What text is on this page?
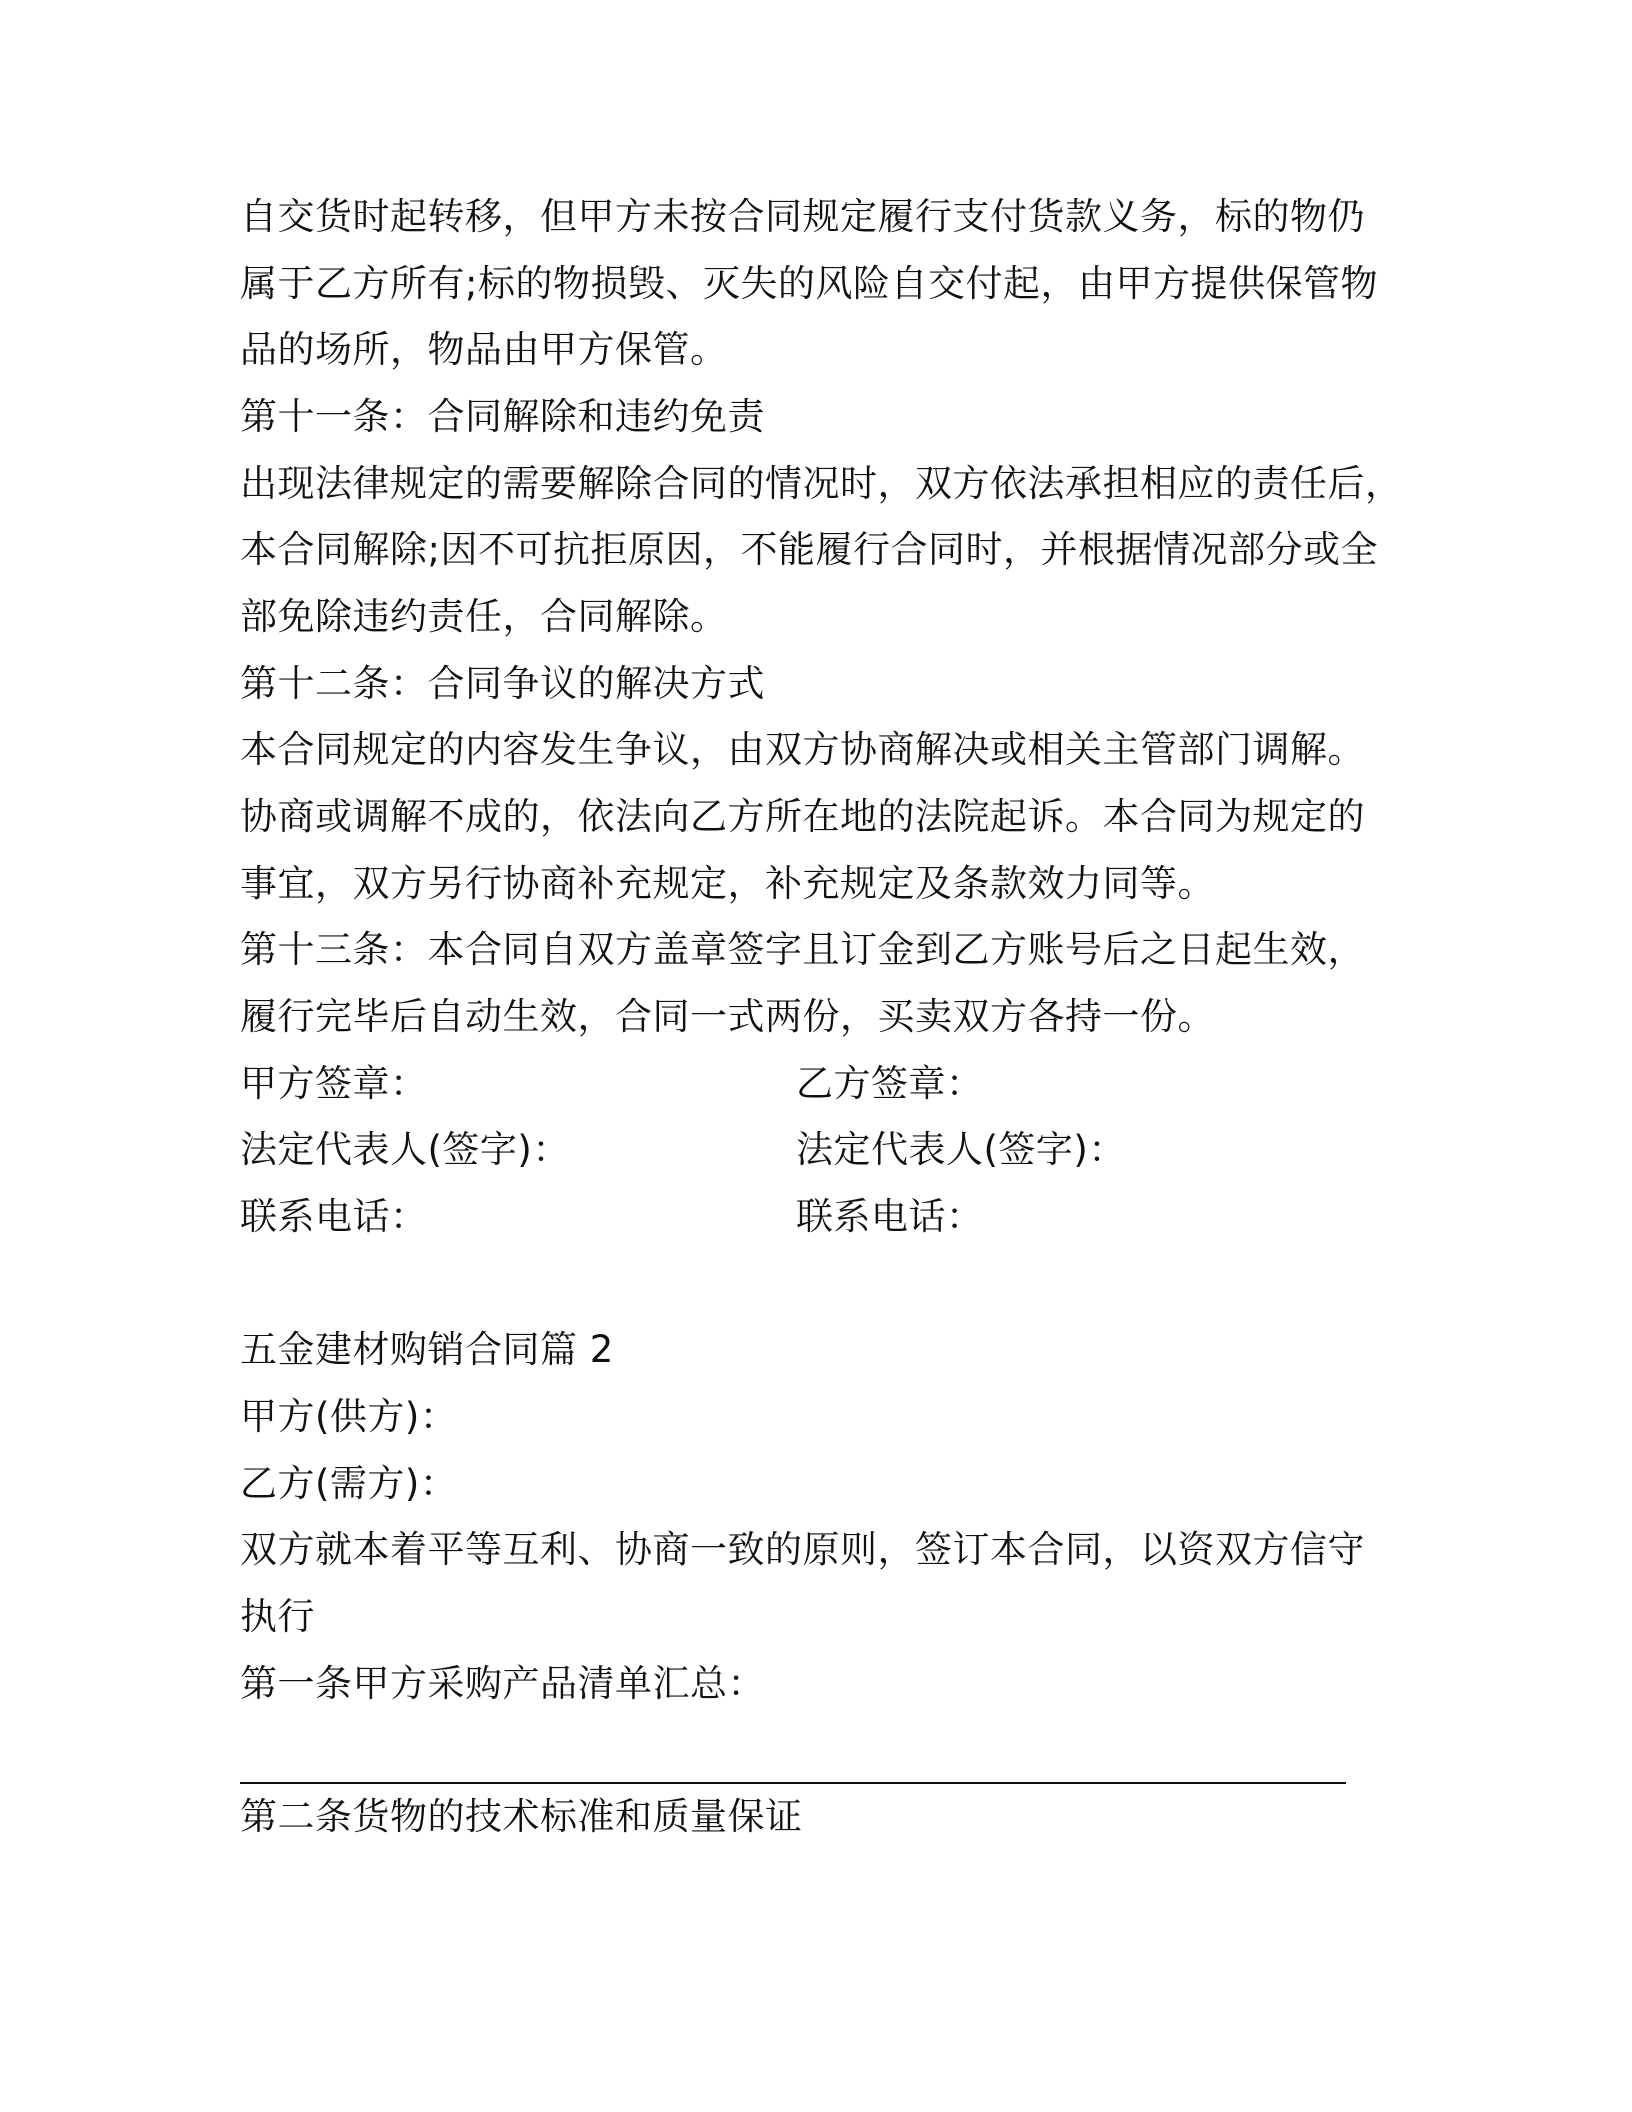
自交货时起转移，但甲方未按合同规定履行支付货款义务，标的物仍
属于乙方所有;标的物损毁、灭失的风险自交付起，由甲方提供保管物
品的场所，物品由甲方保管。
第十一条：合同解除和违约免责
出现法律规定的需要解除合同的情况时，双方依法承担相应的责任后，
本合同解除;因不可抗拒原因，不能履行合同时，并根据情况部分或全
部免除违约责任，合同解除。
第十二条：合同争议的解决方式
本合同规定的内容发生争议，由双方协商解决或相关主管部门调解。
协商或调解不成的，依法向乙方所在地的法院起诉。本合同为规定的
事宜，双方另行协商补充规定，补充规定及条款效力同等。
第十三条：本合同自双方盖章签字且订金到乙方账号后之日起生效，
履行完毕后自动生效，合同一式两份，买卖双方各持一份。
甲方签章：	乙方签章：
法定代表人(签字)：	法定代表人(签字)：
联系电话：	联系电话：
五金建材购销合同篇 2
甲方(供方)：
乙方(需方)：
双方就本着平等互利、协商一致的原则，签订本合同，以资双方信守
执行
第一条甲方采购产品清单汇总：
第二条货物的技术标准和质量保证
